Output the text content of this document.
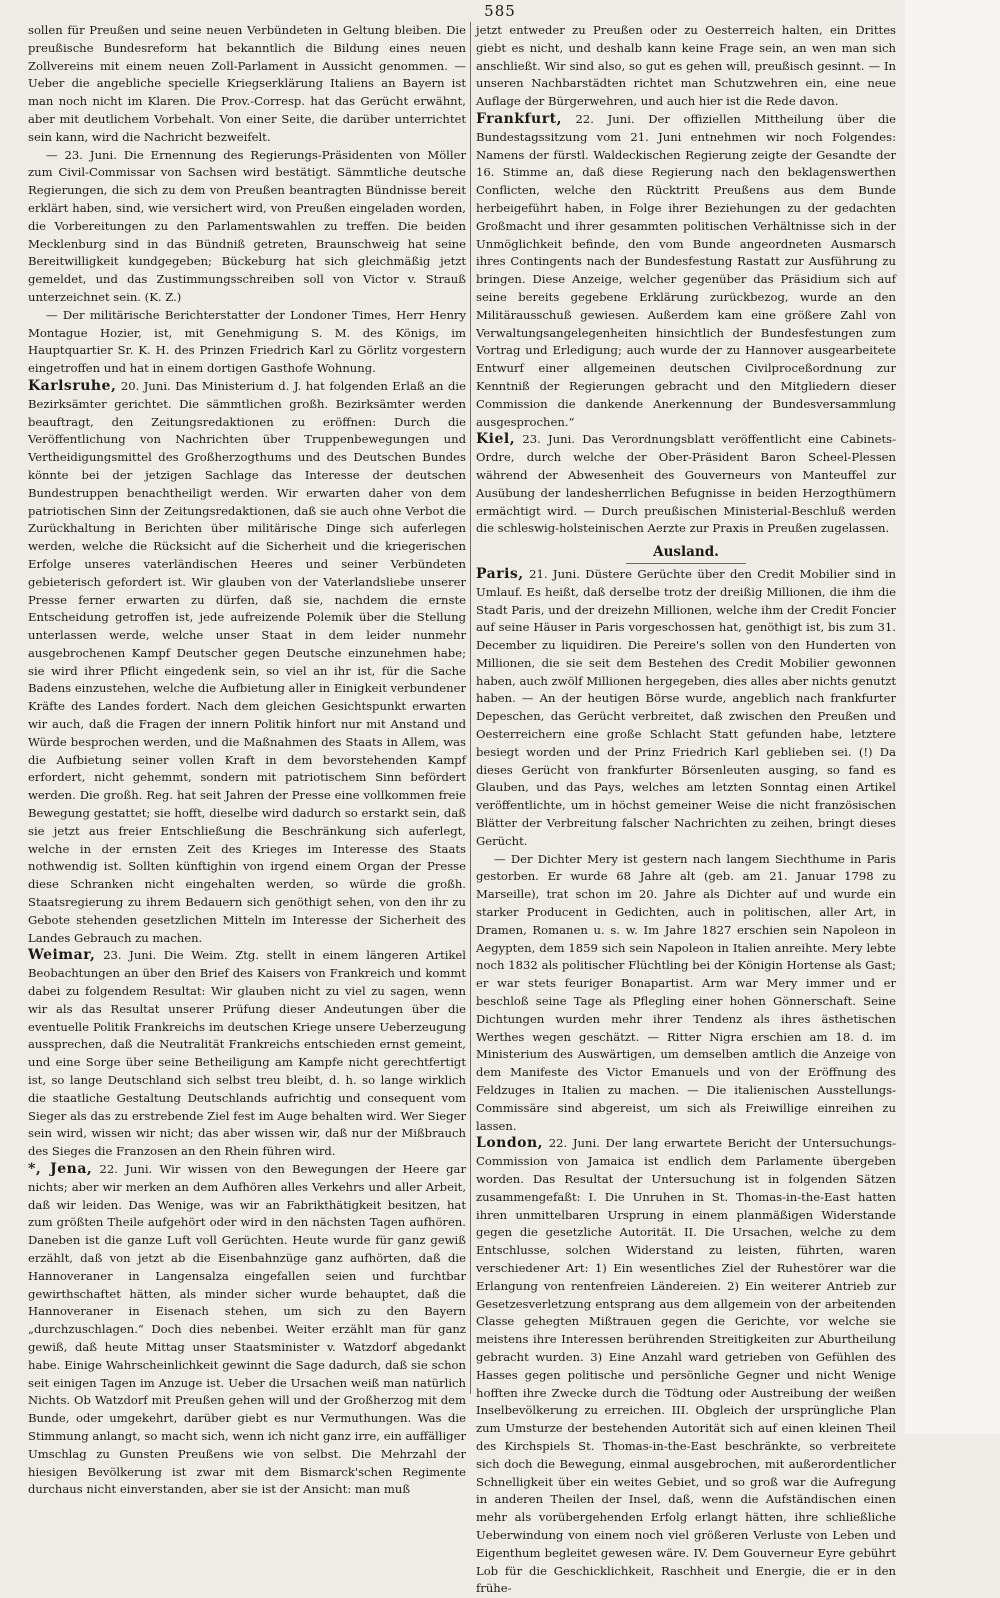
585

sollen für Preußen und seine neuen Verbündeten in Geltung bleiben. Die preußische Bundesreform hat bekanntlich die Bildung eines neuen Zollvereins mit einem neuen Zoll-Parlament in Aussicht genommen. — Ueber die angebliche specielle Kriegserklärung Italiens an Bayern ist man noch nicht im Klaren. Die Prov.-Corresp. hat das Gerücht erwähnt, aber mit deutlichem Vorbehalt. Von einer Seite, die darüber unterrichtet sein kann, wird die Nachricht bezweifelt.

— 23. Juni. Die Ernennung des Regierungs-Präsidenten von Möller zum Civil-Commissar von Sachsen wird bestätigt. Sämmtliche deutsche Regierungen, die sich zu dem von Preußen beantragten Bündnisse bereit erklärt haben, sind, wie versichert wird, von Preußen eingeladen worden, die Vorbereitungen zu den Parlamentswahlen zu treffen. Die beiden Mecklenburg sind in das Bündniß getreten, Braunschweig hat seine Bereitwilligkeit kundgegeben; Bückeburg hat sich gleichmäßig jetzt gemeldet, und das Zustimmungsschreiben soll von Victor v. Strauß unterzeichnet sein. (K. Z.)

— Der militärische Berichterstatter der Londoner Times, Herr Henry Montague Hozier, ist, mit Genehmigung S. M. des Königs, im Hauptquartier Sr. K. H. des Prinzen Friedrich Karl zu Görlitz vorgestern eingetroffen und hat in einem dortigen Gasthofe Wohnung.

Karlsruhe, 20. Juni. Das Ministerium d. J. hat folgenden Erlaß an die Bezirksämter gerichtet. Die sämmtlichen großh. Bezirksämter werden beauftragt, den Zeitungsredaktionen zu eröffnen: Durch die Veröffentlichung von Nachrichten über Truppenbewegungen und Vertheidigungsmittel des Großherzogthums und des Deutschen Bundes könnte bei der jetzigen Sachlage das Interesse der deutschen Bundestruppen benachtheiligt werden. Wir erwarten daher von dem patriotischen Sinn der Zeitungsredaktionen, daß sie auch ohne Verbot die Zurückhaltung in Berichten über militärische Dinge sich auferlegen werden, welche die Rücksicht auf die Sicherheit und die kriegerischen Erfolge unseres vaterländischen Heeres und seiner Verbündeten gebieterisch gefordert ist. Wir glauben von der Vaterlandsliebe unserer Presse ferner erwarten zu dürfen, daß sie, nachdem die ernste Entscheidung getroffen ist, jede aufreizende Polemik über die Stellung unterlassen werde, welche unser Staat in dem leider nunmehr ausgebrochenen Kampf Deutscher gegen Deutsche einzunehmen habe; sie wird ihrer Pflicht eingedenk sein, so viel an ihr ist, für die Sache Badens einzustehen, welche die Aufbietung aller in Einigkeit verbundener Kräfte des Landes fordert. Nach dem gleichen Gesichtspunkt erwarten wir auch, daß die Fragen der innern Politik hinfort nur mit Anstand und Würde besprochen werden, und die Maßnahmen des Staats in Allem, was die Aufbietung seiner vollen Kraft in dem bevorstehenden Kampf erfordert, nicht gehemmt, sondern mit patriotischem Sinn befördert werden. Die großh. Reg. hat seit Jahren der Presse eine vollkommen freie Bewegung gestattet; sie hofft, dieselbe wird dadurch so erstarkt sein, daß sie jetzt aus freier Entschließung die Beschränkung sich auferlegt, welche in der ernsten Zeit des Krieges im Interesse des Staats nothwendig ist. Sollten künftighin von irgend einem Organ der Presse diese Schranken nicht eingehalten werden, so würde die großh. Staatsregierung zu ihrem Bedauern sich genöthigt sehen, von den ihr zu Gebote stehenden gesetzlichen Mitteln im Interesse der Sicherheit des Landes Gebrauch zu machen.

Weimar, 23. Juni. Die Weim. Ztg. stellt in einem längeren Artikel Beobachtungen an über den Brief des Kaisers von Frankreich und kommt dabei zu folgendem Resultat: Wir glauben nicht zu viel zu sagen, wenn wir als das Resultat unserer Prüfung dieser Andeutungen über die eventuelle Politik Frankreichs im deutschen Kriege unsere Ueberzeugung aussprechen, daß die Neutralität Frankreichs entschieden ernst gemeint, und eine Sorge über seine Betheiligung am Kampfe nicht gerechtfertigt ist, so lange Deutschland sich selbst treu bleibt, d. h. so lange wirklich die staatliche Gestaltung Deutschlands aufrichtig und consequent vom Sieger als das zu erstrebende Ziel fest im Auge behalten wird. Wer Sieger sein wird, wissen wir nicht; das aber wissen wir, daß nur der Mißbrauch des Sieges die Franzosen an den Rhein führen wird.

*, Jena, 22. Juni. Wir wissen von den Bewegungen der Heere gar nichts; aber wir merken an dem Aufhören alles Verkehrs und aller Arbeit, daß wir leiden. Das Wenige, was wir an Fabrikthätigkeit besitzen, hat zum größten Theile aufgehört oder wird in den nächsten Tagen aufhören. Daneben ist die ganze Luft voll Gerüchten. Heute wurde für ganz gewiß erzählt, daß von jetzt ab die Eisenbahnzüge ganz aufhörten, daß die Hannoveraner in Langensalza eingefallen seien und furchtbar gewirthschaftet hätten, als minder sicher wurde behauptet, daß die Hannoveraner in Eisenach stehen, um sich zu den Bayern „durchzuschlagen.“ Doch dies nebenbei. Weiter erzählt man für ganz gewiß, daß heute Mittag unser Staatsminister v. Watzdorf abgedankt habe. Einige Wahrscheinlichkeit gewinnt die Sage dadurch, daß sie schon seit einigen Tagen im Anzuge ist. Ueber die Ursachen weiß man natürlich Nichts. Ob Watzdorf mit Preußen gehen will und der Großherzog mit dem Bunde, oder umgekehrt, darüber giebt es nur Vermuthungen. Was die Stimmung anlangt, so macht sich, wenn ich nicht ganz irre, ein auffälliger Umschlag zu Gunsten Preußens wie von selbst. Die Mehrzahl der hiesigen Bevölkerung ist zwar mit dem Bismarck'schen Regimente durchaus nicht einverstanden, aber sie ist der Ansicht: man muß

jetzt entweder zu Preußen oder zu Oesterreich halten, ein Drittes giebt es nicht, und deshalb kann keine Frage sein, an wen man sich anschließt. Wir sind also, so gut es gehen will, preußisch gesinnt. — In unseren Nachbarstädten richtet man Schutzwehren ein, eine neue Auflage der Bürgerwehren, und auch hier ist die Rede davon.

Frankfurt, 22. Juni. Der offiziellen Mittheilung über die Bundestagssitzung vom 21. Juni entnehmen wir noch Folgendes: Namens der fürstl. Waldeckischen Regierung zeigte der Gesandte der 16. Stimme an, daß diese Regierung nach den beklagenswerthen Conflicten, welche den Rücktritt Preußens aus dem Bunde herbeigeführt haben, in Folge ihrer Beziehungen zu der gedachten Großmacht und ihrer gesammten politischen Verhältnisse sich in der Unmöglichkeit befinde, den vom Bunde angeordneten Ausmarsch ihres Contingents nach der Bundesfestung Rastatt zur Ausführung zu bringen. Diese Anzeige, welcher gegenüber das Präsidium sich auf seine bereits gegebene Erklärung zurückbezog, wurde an den Militärausschuß gewiesen. Außerdem kam eine größere Zahl von Verwaltungsangelegenheiten hinsichtlich der Bundesfestungen zum Vortrag und Erledigung; auch wurde der zu Hannover ausgearbeitete Entwurf einer allgemeinen deutschen Civilproceßordnung zur Kenntniß der Regierungen gebracht und den Mitgliedern dieser Commission die dankende Anerkennung der Bundesversammlung ausgesprochen.“

Kiel, 23. Juni. Das Verordnungsblatt veröffentlicht eine Cabinets-Ordre, durch welche der Ober-Präsident Baron Scheel-Plessen während der Abwesenheit des Gouverneurs von Manteuffel zur Ausübung der landesherrlichen Befugnisse in beiden Herzogthümern ermächtigt wird. — Durch preußischen Ministerial-Beschluß werden die schleswig-holsteinischen Aerzte zur Praxis in Preußen zugelassen.

Ausland.

Paris, 21. Juni. Düstere Gerüchte über den Credit Mobilier sind in Umlauf. Es heißt, daß derselbe trotz der dreißig Millionen, die ihm die Stadt Paris, und der dreizehn Millionen, welche ihm der Credit Foncier auf seine Häuser in Paris vorgeschossen hat, genöthigt ist, bis zum 31. December zu liquidiren. Die Pereire's sollen von den Hunderten von Millionen, die sie seit dem Bestehen des Credit Mobilier gewonnen haben, auch zwölf Millionen hergegeben, dies alles aber nichts genutzt haben. — An der heutigen Börse wurde, angeblich nach frankfurter Depeschen, das Gerücht verbreitet, daß zwischen den Preußen und Oesterreichern eine große Schlacht Statt gefunden habe, letztere besiegt worden und der Prinz Friedrich Karl geblieben sei. (!) Da dieses Gerücht von frankfurter Börsenleuten ausging, so fand es Glauben, und das Pays, welches am letzten Sonntag einen Artikel veröffentlichte, um in höchst gemeiner Weise die nicht französischen Blätter der Verbreitung falscher Nachrichten zu zeihen, bringt dieses Gerücht.

— Der Dichter Mery ist gestern nach langem Siechthume in Paris gestorben. Er wurde 68 Jahre alt (geb. am 21. Januar 1798 zu Marseille), trat schon im 20. Jahre als Dichter auf und wurde ein starker Producent in Gedichten, auch in politischen, aller Art, in Dramen, Romanen u. s. w. Im Jahre 1827 erschien sein Napoleon in Aegypten, dem 1859 sich sein Napoleon in Italien anreihte. Mery lebte noch 1832 als politischer Flüchtling bei der Königin Hortense als Gast; er war stets feuriger Bonapartist. Arm war Mery immer und er beschloß seine Tage als Pflegling einer hohen Gönnerschaft. Seine Dichtungen wurden mehr ihrer Tendenz als ihres ästhetischen Werthes wegen geschätzt. — Ritter Nigra erschien am 18. d. im Ministerium des Auswärtigen, um demselben amtlich die Anzeige von dem Manifeste des Victor Emanuels und von der Eröffnung des Feldzuges in Italien zu machen. — Die italienischen Ausstellungs-Commissäre sind abgereist, um sich als Freiwillige einreihen zu lassen.

London, 22. Juni. Der lang erwartete Bericht der Untersuchungs-Commission von Jamaica ist endlich dem Parlamente übergeben worden. Das Resultat der Untersuchung ist in folgenden Sätzen zusammengefaßt: I. Die Unruhen in St. Thomas-in-the-East hatten ihren unmittelbaren Ursprung in einem planmäßigen Widerstande gegen die gesetzliche Autorität. II. Die Ursachen, welche zu dem Entschlusse, solchen Widerstand zu leisten, führten, waren verschiedener Art: 1) Ein wesentliches Ziel der Ruhestörer war die Erlangung von rentenfreien Ländereien. 2) Ein weiterer Antrieb zur Gesetzesverletzung entsprang aus dem allgemein von der arbeitenden Classe gehegten Mißtrauen gegen die Gerichte, vor welche sie meistens ihre Interessen berührenden Streitigkeiten zur Aburtheilung gebracht wurden. 3) Eine Anzahl ward getrieben von Gefühlen des Hasses gegen politische und persönliche Gegner und nicht Wenige hofften ihre Zwecke durch die Tödtung oder Austreibung der weißen Inselbevölkerung zu erreichen. III. Obgleich der ursprüngliche Plan zum Umsturze der bestehenden Autorität sich auf einen kleinen Theil des Kirchspiels St. Thomas-in-the-East beschränkte, so verbreitete sich doch die Bewegung, einmal ausgebrochen, mit außerordentlicher Schnelligkeit über ein weites Gebiet, und so groß war die Aufregung in anderen Theilen der Insel, daß, wenn die Aufständischen einen mehr als vorübergehenden Erfolg erlangt hätten, ihre schließliche Ueberwindung von einem noch viel größeren Verluste von Leben und Eigenthum begleitet gewesen wäre. IV. Dem Gouverneur Eyre gebührt Lob für die Geschicklichkeit, Raschheit und Energie, die er in den frühe-
